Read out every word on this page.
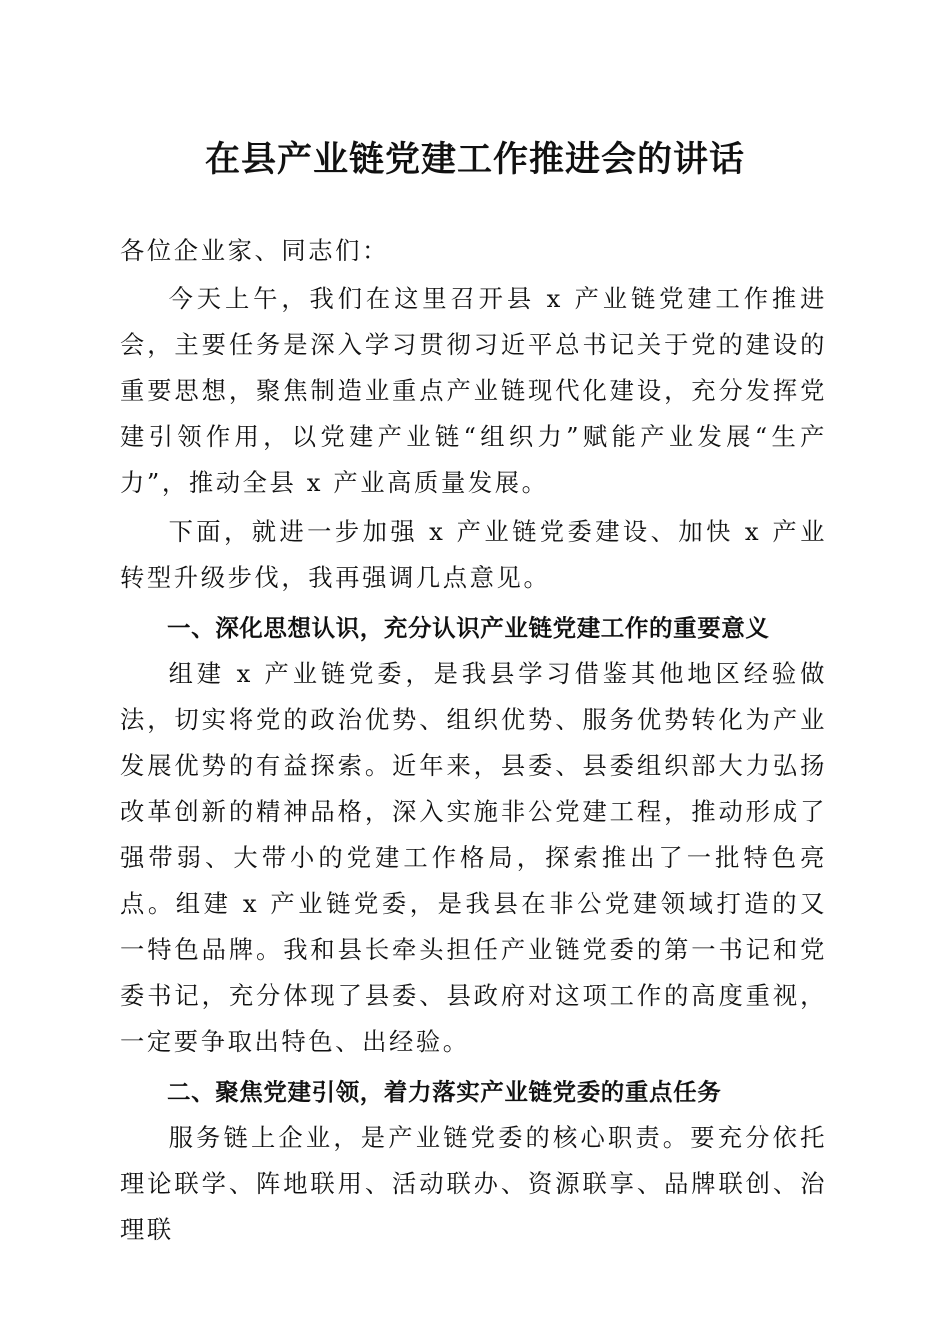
在县产业链党建工作推进会的讲话

各位企业家、同志们：

今天上午，我们在这里召开县 x 产业链党建工作推进会，主要任务是深入学习贯彻习近平总书记关于党的建设的重要思想，聚焦制造业重点产业链现代化建设，充分发挥党建引领作用，以党建产业链“组织力”赋能产业发展“生产力”，推动全县 x 产业高质量发展。

下面，就进一步加强 x 产业链党委建设、加快 x 产业转型升级步伐，我再强调几点意见。

一、深化思想认识，充分认识产业链党建工作的重要意义

组建 x 产业链党委，是我县学习借鉴其他地区经验做法，切实将党的政治优势、组织优势、服务优势转化为产业发展优势的有益探索。近年来，县委、县委组织部大力弘扬改革创新的精神品格，深入实施非公党建工程，推动形成了强带弱、大带小的党建工作格局，探索推出了一批特色亮点。组建 x 产业链党委，是我县在非公党建领域打造的又一特色品牌。我和县长牵头担任产业链党委的第一书记和党委书记，充分体现了县委、县政府对这项工作的高度重视，一定要争取出特色、出经验。

二、聚焦党建引领，着力落实产业链党委的重点任务

服务链上企业，是产业链党委的核心职责。要充分依托理论联学、阵地联用、活动联办、资源联享、品牌联创、治理联
